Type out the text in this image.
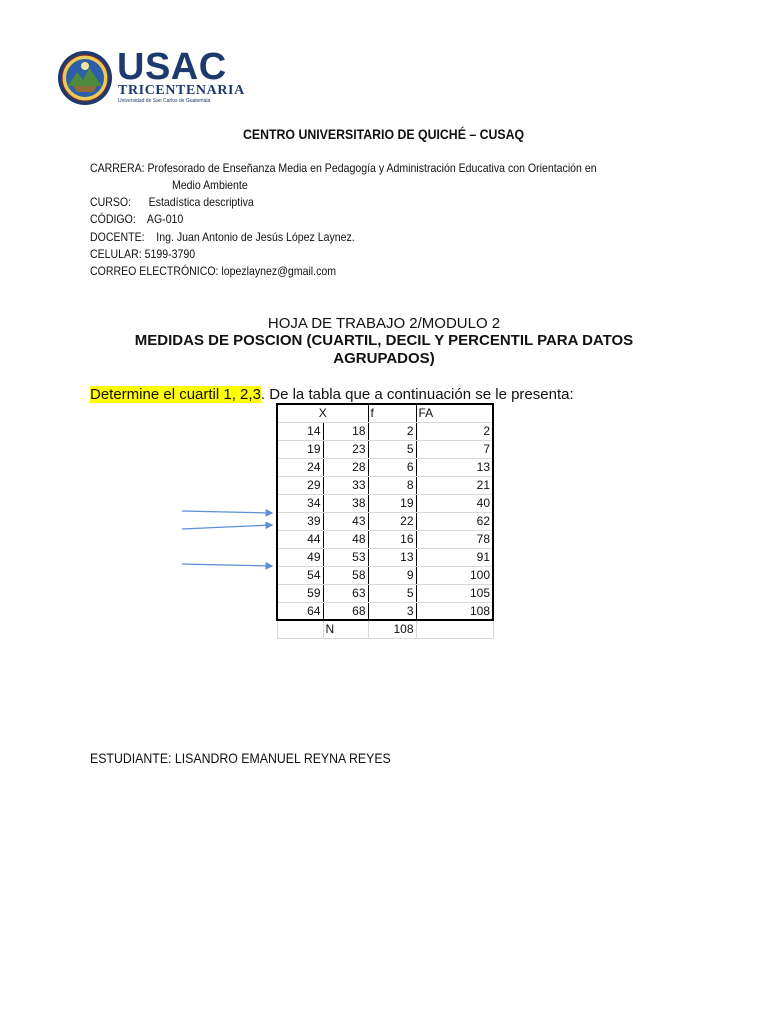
USAC
TRICENTENARIA
Universidad de San Carlos de Guatemala
CENTRO UNIVERSITARIO DE QUICHÉ – CUSAQ
CARRERA: Profesorado de Enseñanza Media en Pedagogía y Administración Educativa con Orientación en
Medio Ambiente
CURSO:      Estadística descriptiva
CÓDIGO:    AG-010
DOCENTE:    Ing. Juan Antonio de Jesús López Laynez.
CELULAR: 5199-3790
CORREO ELECTRÓNICO: lopezlaynez@gmail.com
HOJA DE TRABAJO 2/MODULO 2
MEDIDAS DE POSCION (CUARTIL, DECIL Y PERCENTIL PARA DATOS AGRUPADOS)
Determine el cuartil 1, 2,3. De la tabla que a continuación se le presenta:
X		f	FA
14	18	2	2
19	23	5	7
24	28	6	13
29	33	8	21
34	38	19	40
39	43	22	62
44	48	16	78
49	53	13	91
54	58	9	100
59	63	5	105
64	68	3	108
	N	108	
ESTUDIANTE: LISANDRO EMANUEL REYNA REYES
